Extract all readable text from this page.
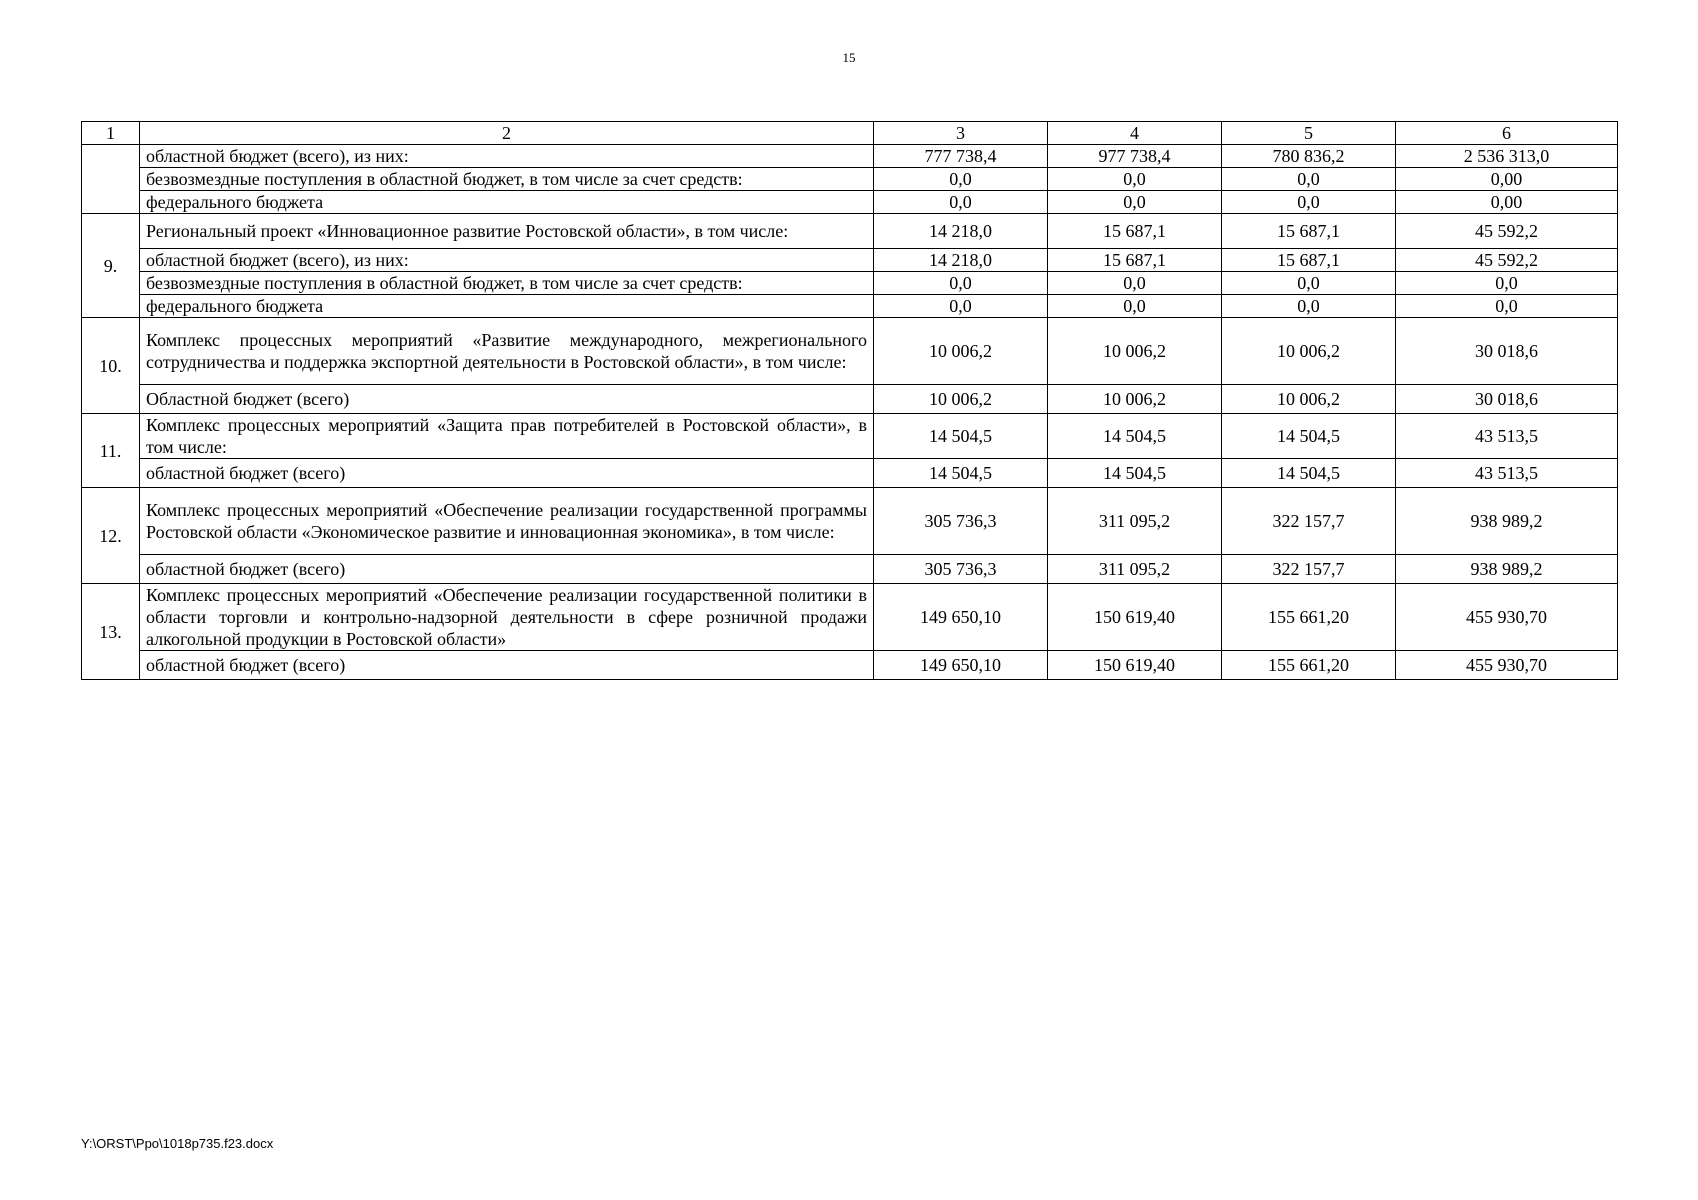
15
1	2	3	4	5	6
	областной бюджет (всего), из них:	777 738,4	977 738,4	780 836,2	2 536 313,0
	безвозмездные поступления в областной бюджет, в том числе за счет средств:	0,0	0,0	0,0	0,00
	федерального бюджета	0,0	0,0	0,0	0,00
9.	Региональный проект «Инновационное развитие Ростовской области», в том числе:	14 218,0	15 687,1	15 687,1	45 592,2
	областной бюджет (всего), из них:	14 218,0	15 687,1	15 687,1	45 592,2
	безвозмездные поступления в областной бюджет, в том числе за счет средств:	0,0	0,0	0,0	0,0
	федерального бюджета	0,0	0,0	0,0	0,0
10.	Комплекс процессных мероприятий «Развитие международного, межрегионального сотрудничества и поддержка экспортной деятельности в Ростовской области», в том числе:	10 006,2	10 006,2	10 006,2	30 018,6
	Областной бюджет (всего)	10 006,2	10 006,2	10 006,2	30 018,6
11.	Комплекс процессных мероприятий «Защита прав потребителей в Ростовской области», в том числе:	14 504,5	14 504,5	14 504,5	43 513,5
	областной бюджет (всего)	14 504,5	14 504,5	14 504,5	43 513,5
12.	Комплекс процессных мероприятий «Обеспечение реализации государственной программы Ростовской области «Экономическое развитие и инновационная экономика», в том числе:	305 736,3	311 095,2	322 157,7	938 989,2
	областной бюджет (всего)	305 736,3	311 095,2	322 157,7	938 989,2
13.	Комплекс процессных мероприятий «Обеспечение реализации государственной политики в области торговли и контрольно-надзорной деятельности в сфере розничной продажи алкогольной продукции в Ростовской области»	149 650,10	150 619,40	155 661,20	455 930,70
	областной бюджет (всего)	149 650,10	150 619,40	155 661,20	455 930,70
Y:\ORST\Ppo\1018p735.f23.docx
